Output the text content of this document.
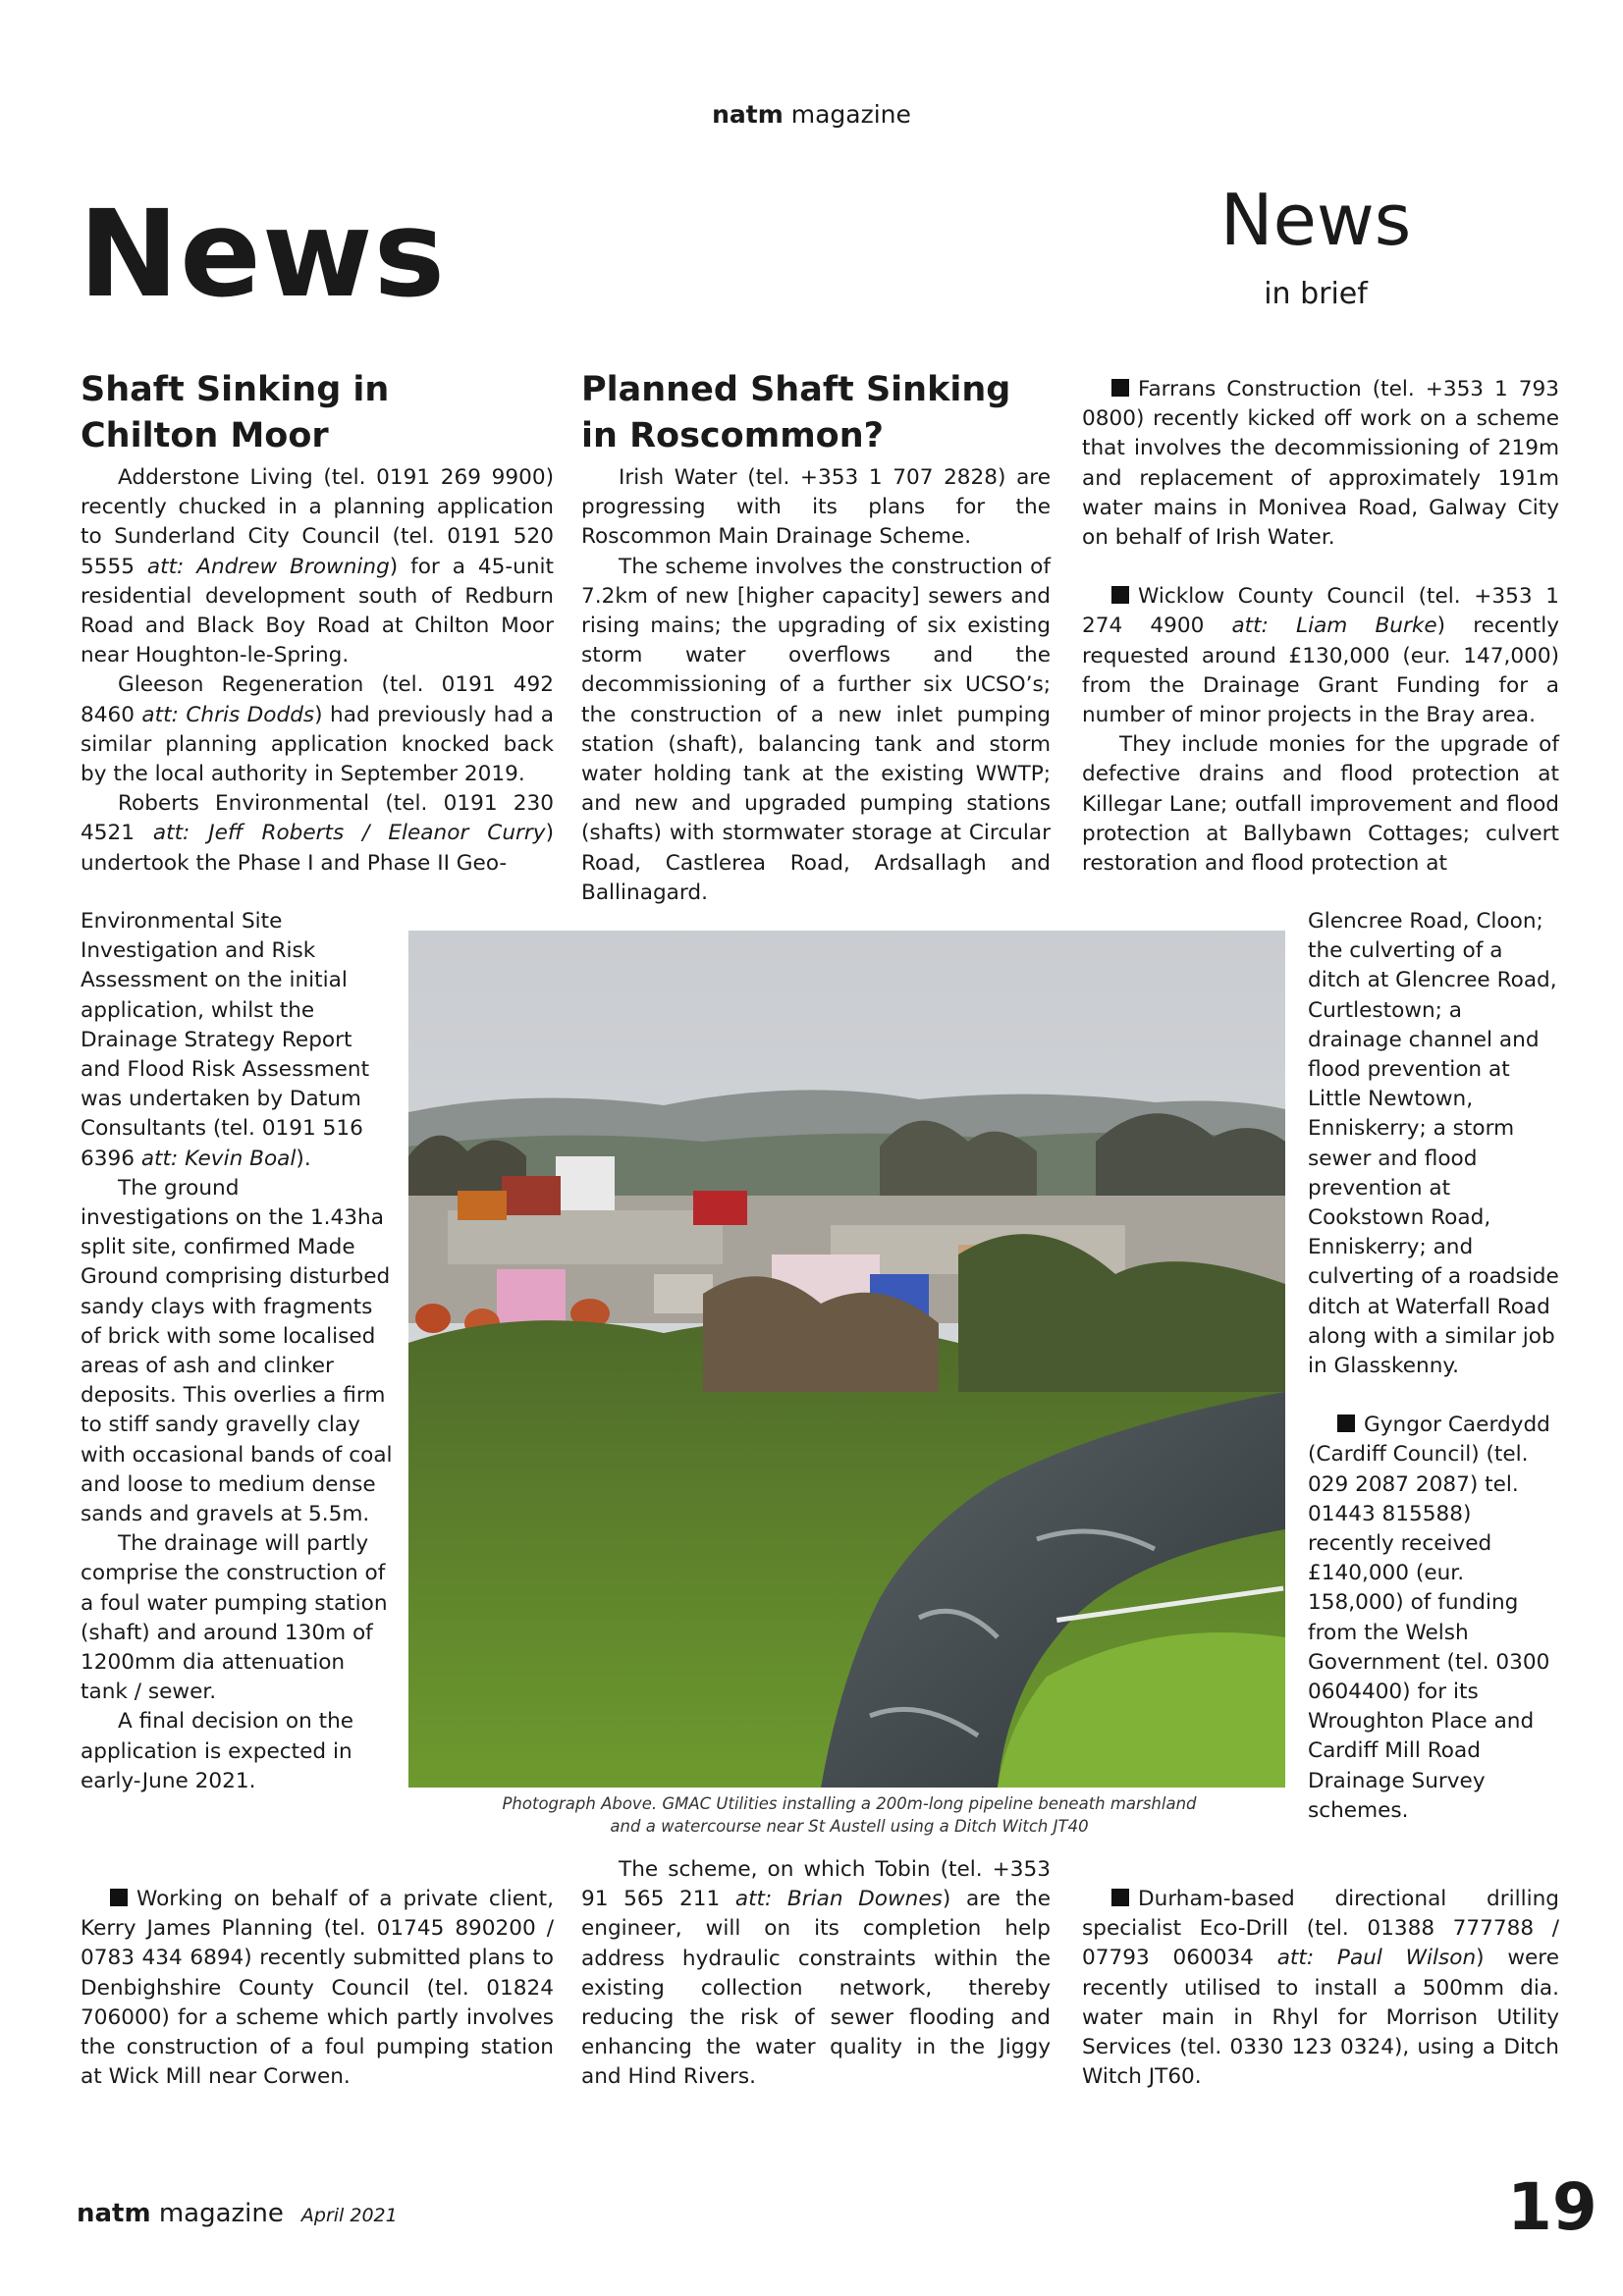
natm magazine
News	News
in brief

Shaft Sinking in

Chilton Moor

Adderstone Living (tel. 0191 269 9900) recently chucked in a planning application to Sunderland City Council (tel. 0191 520 5555 att: Andrew Browning) for a 45-unit residential development south of Redburn Road and Black Boy Road at Chilton Moor near Houghton-le-Spring.

Gleeson Regeneration (tel. 0191 492 8460 att: Chris Dodds) had previously had a similar planning application knocked back by the local authority in September 2019.

Roberts Environmental (tel. 0191 230 4521 att: Jeff Roberts / Eleanor Curry) undertook the Phase I and Phase II Geo-

Environmental Site Investigation and Risk Assessment on the initial application, whilst the Drainage Strategy Report and Flood Risk Assessment was undertaken by Datum Consultants (tel. 0191 516 6396 att: Kevin Boal).

The ground investigations on the 1.43ha split site, confirmed Made Ground comprising disturbed sandy clays with fragments of brick with some localised areas of ash and clinker deposits. This overlies a firm to stiff sandy gravelly clay with occasional bands of coal and loose to medium dense sands and gravels at 5.5m.

The drainage will partly comprise the construction of a foul water pumping station (shaft) and around 130m of 1200mm dia attenuation tank / sewer.

A final decision on the application is expected in early-June 2021.

Working on behalf of a private client, Kerry James Planning (tel. 01745 890200 / 0783 434 6894) recently submitted plans to Denbighshire County Council (tel. 01824 706000) for a scheme which partly involves the construction of a foul pumping station at Wick Mill near Corwen.

Planned Shaft Sinking

in Roscommon?

Irish Water (tel. +353 1 707 2828) are progressing with its plans for the Roscommon Main Drainage Scheme.

The scheme involves the construction of 7.2km of new [higher capacity] sewers and rising mains; the upgrading of six existing storm water overflows and the decommissioning of a further six UCSO’s; the construction of a new inlet pumping station (shaft), balancing tank and storm water holding tank at the existing WWTP; and new and upgraded pumping stations (shafts) with stormwater storage at Circular Road, Castlerea Road, Ardsallagh and Ballinagard.

The scheme, on which Tobin (tel. +353 91 565 211 att: Brian Downes) are the engineer, will on its completion help address hydraulic constraints within the existing collection network, thereby reducing the risk of sewer flooding and enhancing the water quality in the Jiggy and Hind Rivers.

Farrans Construction (tel. +353 1 793 0800) recently kicked off work on a scheme that involves the decommissioning of 219m and replacement of approximately 191m water mains in Monivea Road, Galway City on behalf of Irish Water.

Wicklow County Council (tel. +353 1 274 4900 att: Liam Burke) recently requested around £130,000 (eur. 147,000) from the Drainage Grant Funding for a number of minor projects in the Bray area.

They include monies for the upgrade of defective drains and flood protection at Killegar Lane; outfall improvement and flood protection at Ballybawn Cottages; culvert restoration and flood protection at

Glencree Road, Cloon; the culverting of a ditch at Glencree Road, Curtlestown; a drainage channel and flood prevention at Little Newtown, Enniskerry; a storm sewer and flood prevention at Cookstown Road, Enniskerry; and culverting of a roadside ditch at Waterfall Road along with a similar job in Glasskenny.

Gyngor Caerdydd (Cardiff Council) (tel. 029 2087 2087) tel. 01443 815588) recently received £140,000 (eur. 158,000) of funding from the Welsh Government (tel. 0300 0604400) for its Wroughton Place and Cardiff Mill Road Drainage Survey schemes.

Durham-based directional drilling specialist Eco-Drill (tel. 01388 777788 / 07793 060034 att: Paul Wilson) were recently utilised to install a 500mm dia. water main in Rhyl for Morrison Utility Services (tel. 0330 123 0324), using a Ditch Witch JT60.

Photograph Above. GMAC Utilities installing a 200m-long pipeline beneath marshland
and a watercourse near St Austell using a Ditch Witch JT40
natm magazine April 2021	19
